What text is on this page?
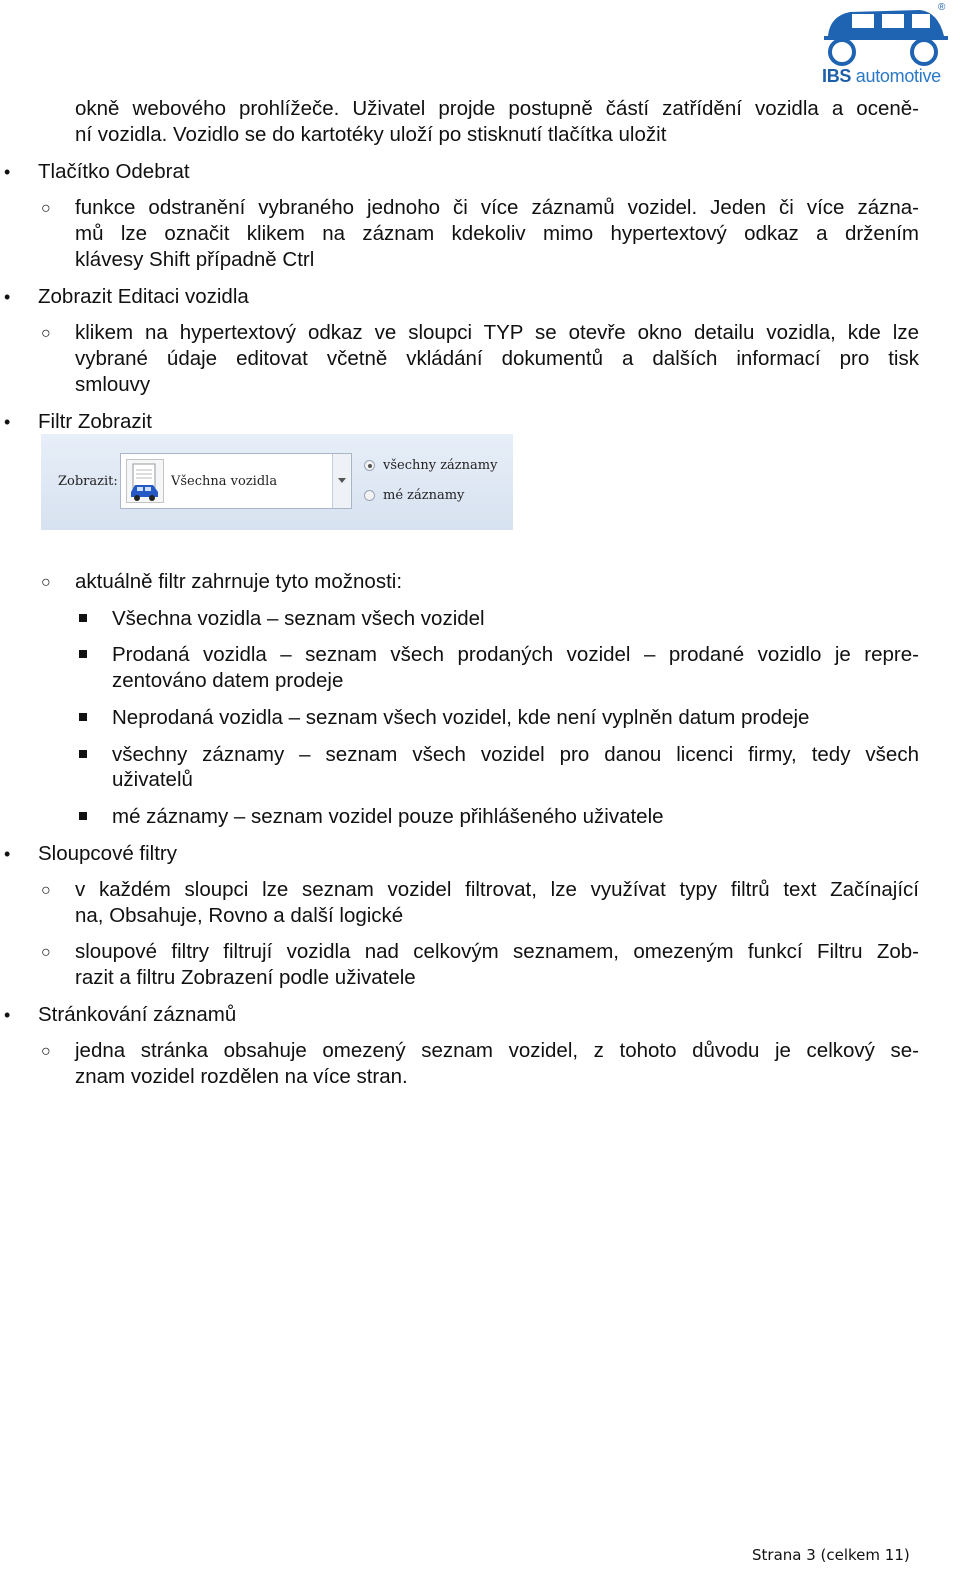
®
IBS automotive
okně webového prohlížeče. Uživatel projde postupně částí zatřídění vozidla a oceně-
ní vozidla. Vozidlo se do kartotéky uloží po stisknutí tlačítka uložit
• Tlačítko Odebrat
○ funkce odstranění vybraného jednoho či více záznamů vozidel. Jeden či více zázna-
mů lze označit klikem na záznam kdekoliv mimo hypertextový odkaz a držením
klávesy Shift případně Ctrl
• Zobrazit Editaci vozidla
○ klikem na hypertextový odkaz ve sloupci TYP se otevře okno detailu vozidla, kde lze
vybrané údaje editovat včetně vkládání dokumentů a dalších informací pro tisk
smlouvy
• Filtr Zobrazit
Zobrazit:	Všechna vozidla
všechny záznamy
mé záznamy
○ aktuálně filtr zahrnuje tyto možnosti:
Všechna vozidla – seznam všech vozidel
Prodaná vozidla – seznam všech prodaných vozidel – prodané vozidlo je repre-
zentováno datem prodeje
Neprodaná vozidla – seznam všech vozidel, kde není vyplněn datum prodeje
všechny záznamy – seznam všech vozidel pro danou licenci firmy, tedy všech
uživatelů
mé záznamy – seznam vozidel pouze přihlášeného uživatele
• Sloupcové filtry
○ v každém sloupci lze seznam vozidel filtrovat, lze využívat typy filtrů text Začínající
na, Obsahuje, Rovno a další logické
○ sloupové filtry filtrují vozidla nad celkovým seznamem, omezeným funkcí Filtru Zob-
razit a filtru Zobrazení podle uživatele
• Stránkování záznamů
○ jedna stránka obsahuje omezený seznam vozidel, z tohoto důvodu je celkový se-
znam vozidel rozdělen na více stran.
Strana 3 (celkem 11)
